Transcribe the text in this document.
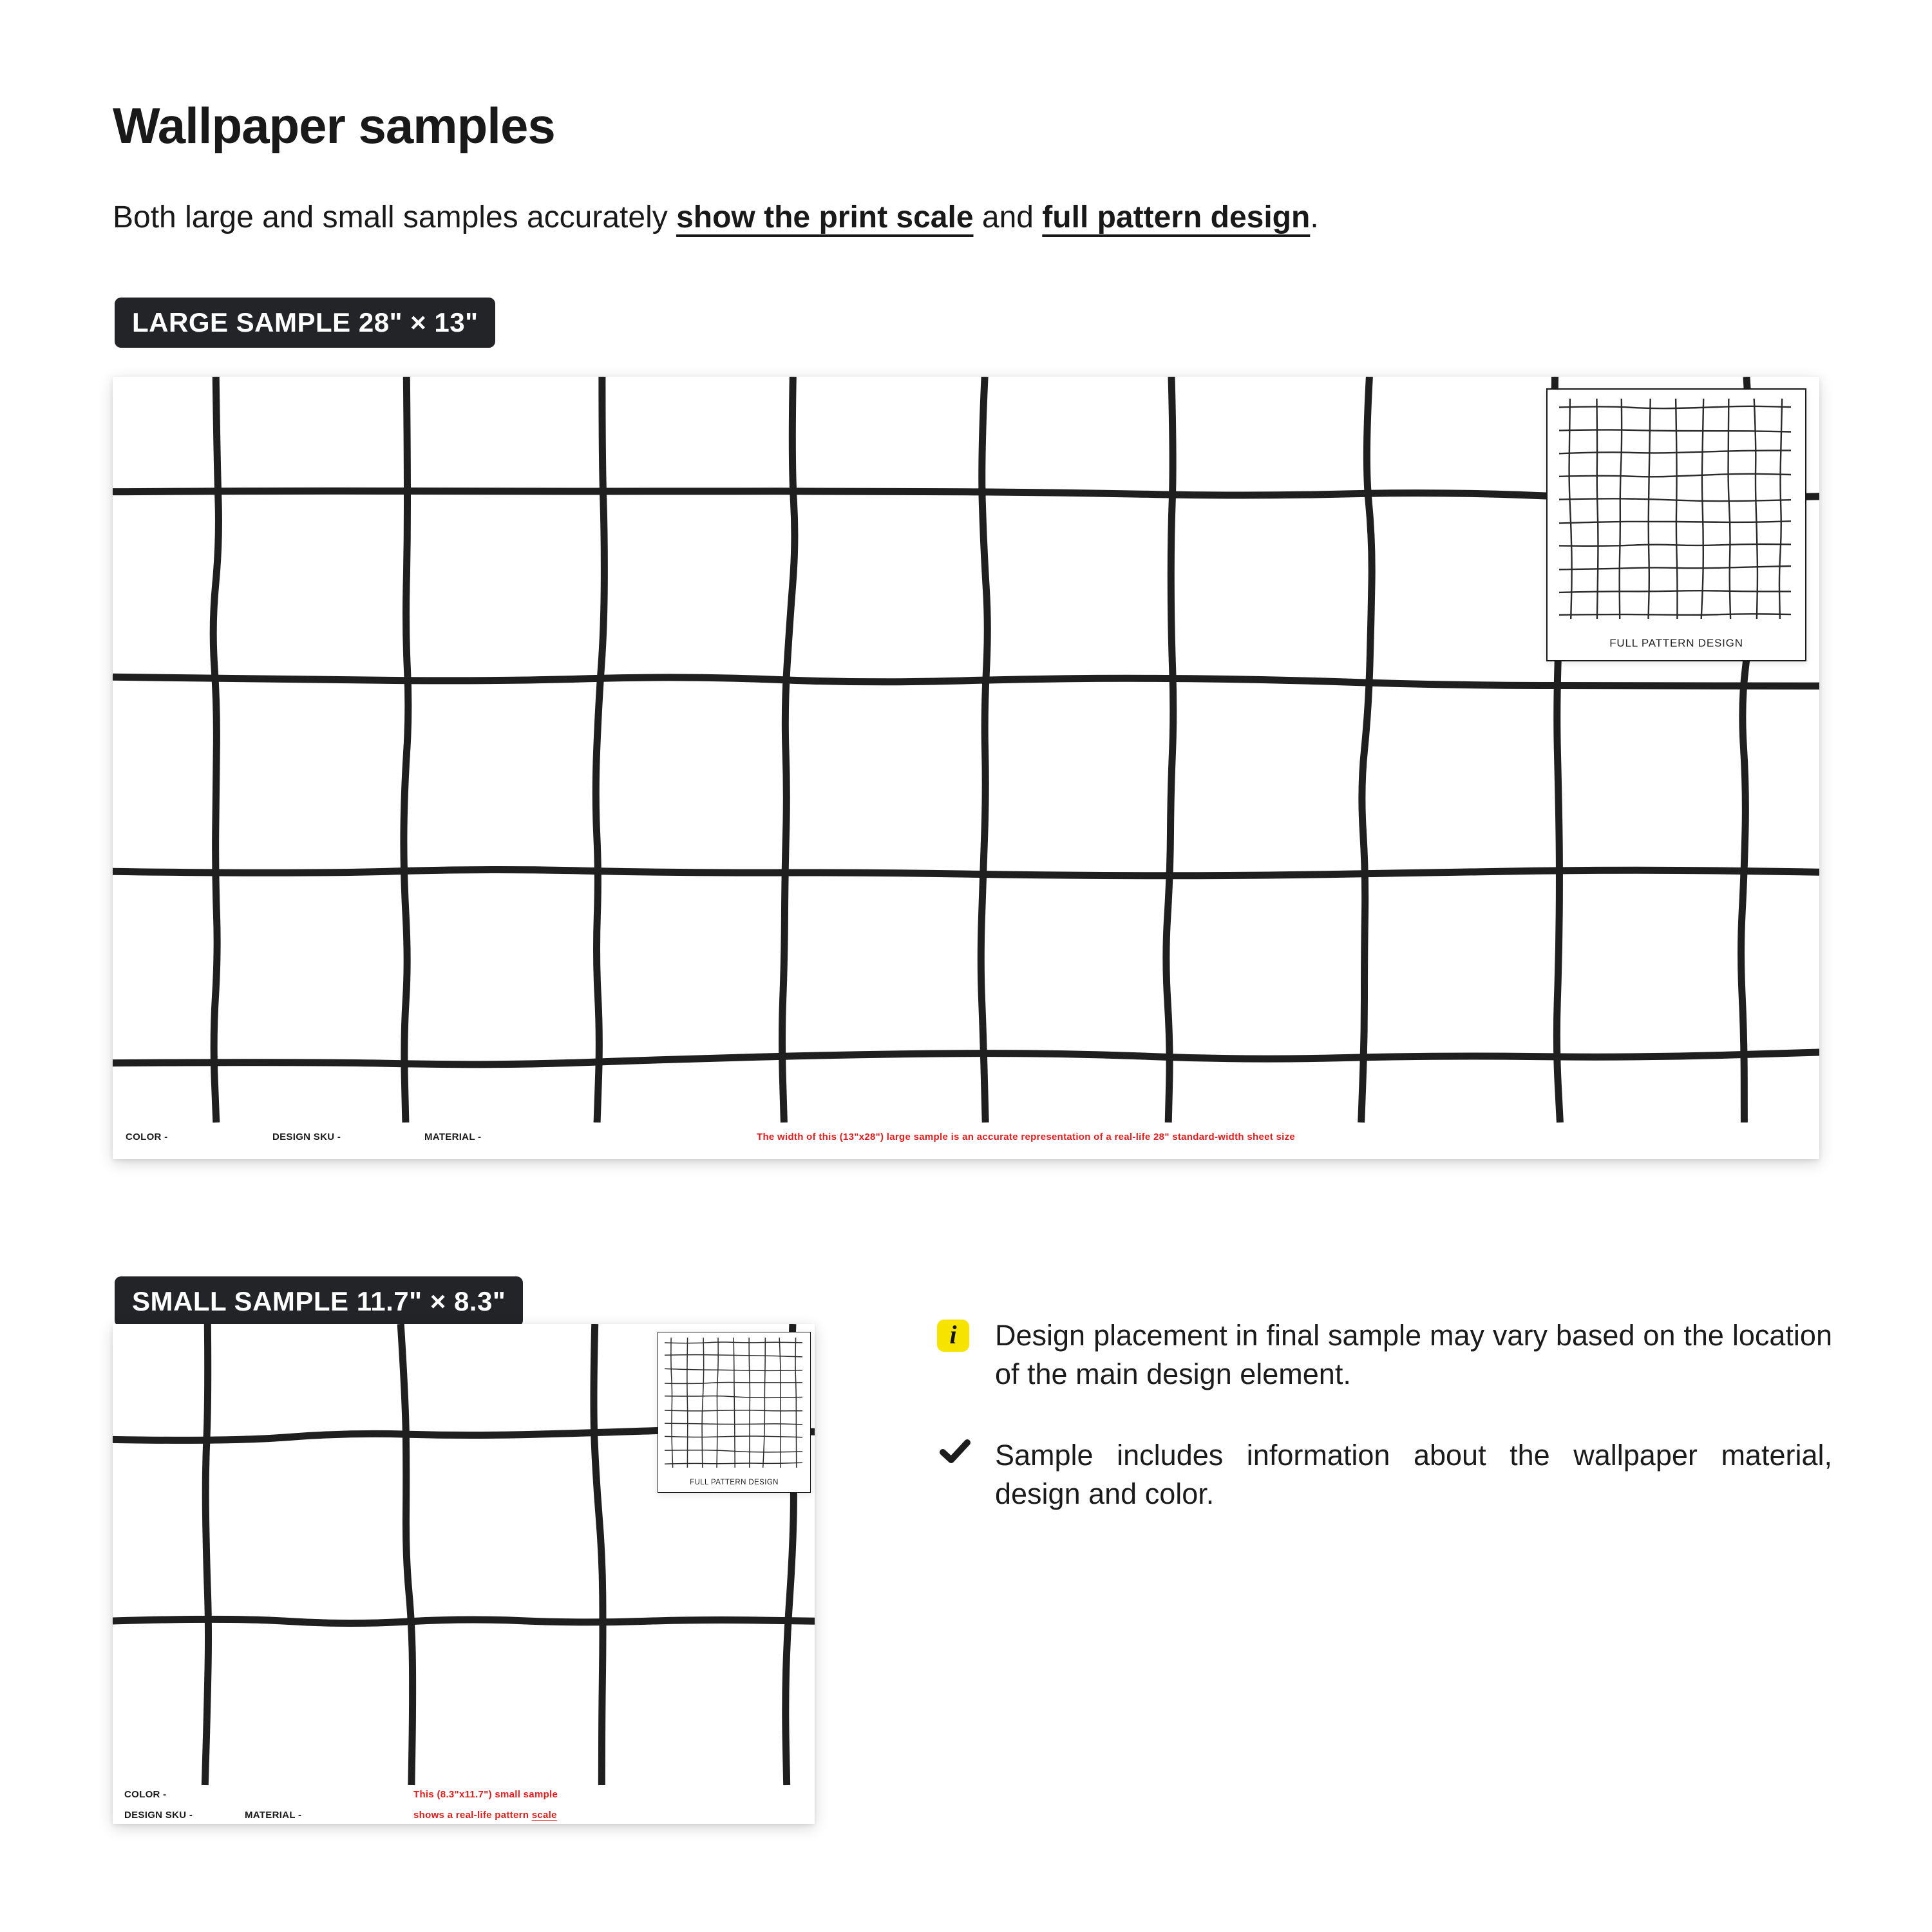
Wallpaper samples

Both large and small samples accurately show the print scale and full pattern design.

LARGE SAMPLE 28" × 13"
FULL PATTERN DESIGN
COLOR -	DESIGN SKU -	MATERIAL -	The width of this (13"x28") large sample is an accurate representation of a real-life 28" standard-width sheet size
SMALL SAMPLE 11.7" × 8.3"
FULL PATTERN DESIGN
COLOR -
DESIGN SKU -	MATERIAL -
This (8.3"x11.7") small sample
shows a real-life pattern scale
i	Design placement in final sample may vary based on the location of the main design element.

Sample includes information about the wallpaper material, design and color.
